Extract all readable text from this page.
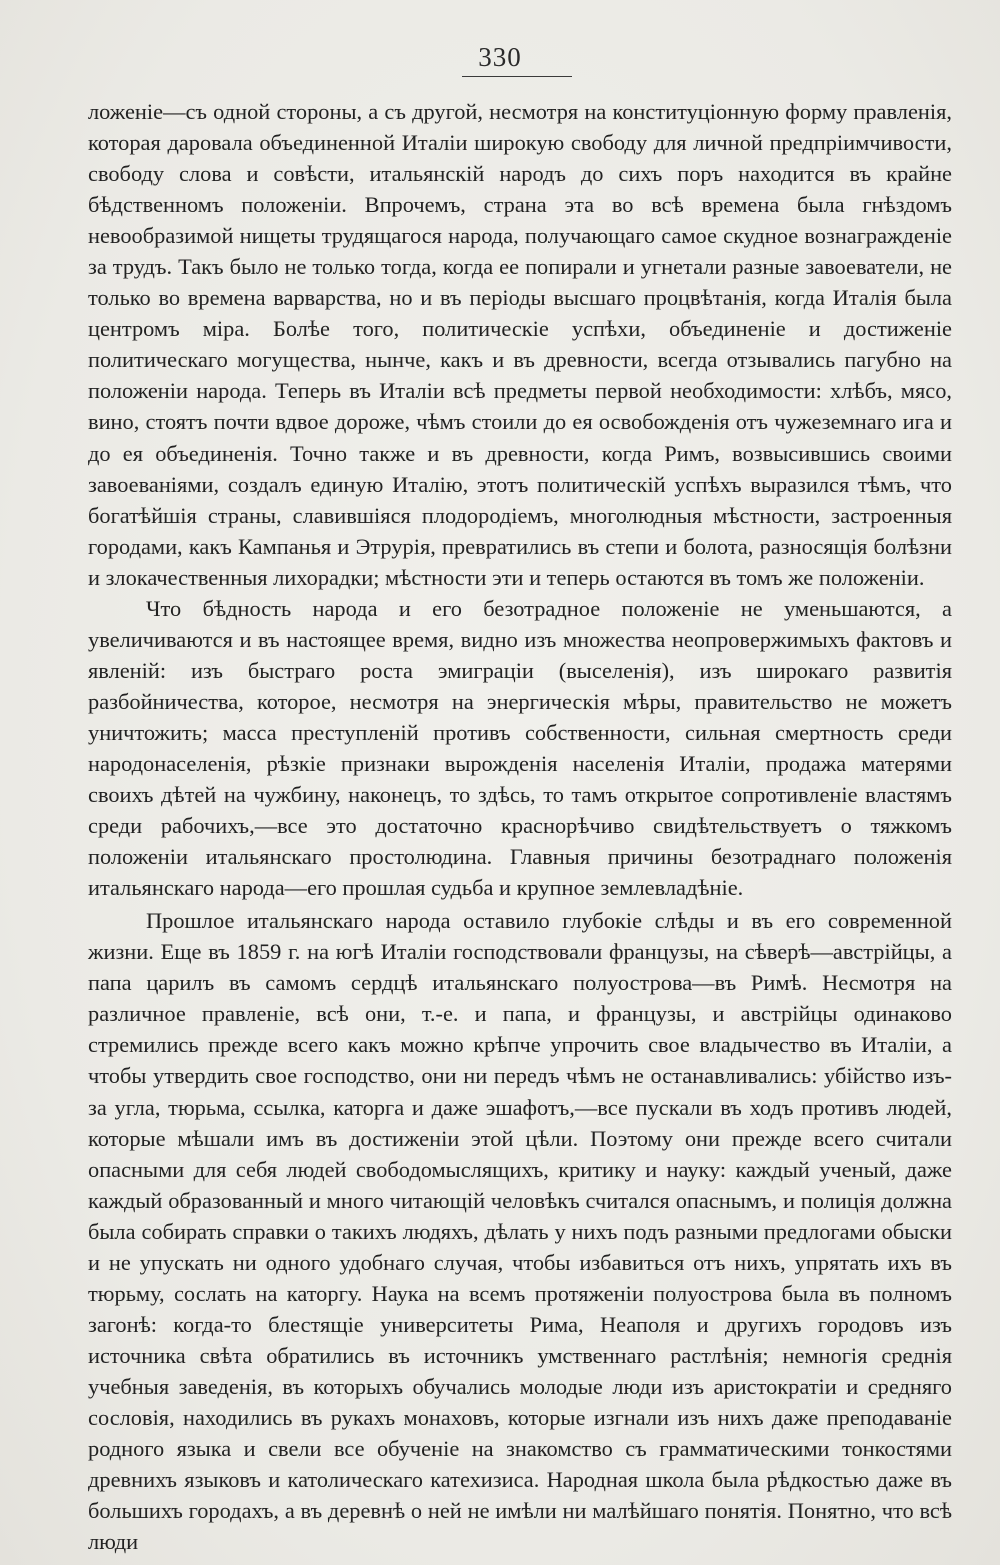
330

ложеніе—съ одной стороны, а съ другой, несмотря на конституціонную форму правленія, которая даровала объединенной Италіи широкую свободу для личной предпріимчивости, свободу слова и совѣсти, итальянскій народъ до сихъ поръ находится въ крайне бѣдственномъ положеніи. Впрочемъ, страна эта во всѣ времена была гнѣздомъ невообразимой нищеты трудящагося народа, получающаго самое скудное вознагражденіе за трудъ. Такъ было не только тогда, когда ее попирали и угнетали разные завоеватели, не только во времена варварства, но и въ періоды высшаго процвѣтанія, когда Италія была центромъ міра. Болѣе того, политическіе успѣхи, объединеніе и достиженіе политическаго могущества, нынче, какъ и въ древности, всегда отзывались пагубно на положеніи народа. Теперь въ Италіи всѣ предметы первой необходимости: хлѣбъ, мясо, вино, стоятъ почти вдвое дороже, чѣмъ стоили до ея освобожденія отъ чужеземнаго ига и до ея объединенія. Точно также и въ древности, когда Римъ, возвысившись своими завоеваніями, создалъ единую Италію, этотъ политическій успѣхъ выразился тѣмъ, что богатѣйшія страны, славившіяся плодородіемъ, многолюдныя мѣстности, застроенныя городами, какъ Кампанья и Этрурія, превратились въ степи и болота, разносящія болѣзни и злокачественныя лихорадки; мѣстности эти и теперь остаются въ томъ же положеніи.

Что бѣдность народа и его безотрадное положеніе не уменьшаются, а увеличиваются и въ настоящее время, видно изъ множества неопровержимыхъ фактовъ и явленій: изъ быстраго роста эмиграціи (выселенія), изъ широкаго развитія разбойничества, которое, несмотря на энергическія мѣры, правительство не можетъ уничтожить; масса преступленій противъ собственности, сильная смертность среди народонаселенія, рѣзкіе признаки вырожденія населенія Италіи, продажа матерями своихъ дѣтей на чужбину, наконецъ, то здѣсь, то тамъ открытое сопротивленіе властямъ среди рабочихъ,—все это достаточно краснорѣчиво свидѣтельствуетъ о тяжкомъ положеніи итальянскаго простолюдина. Главныя причины безотраднаго положенія итальянскаго народа—его прошлая судьба и крупное землевладѣніе.

Прошлое итальянскаго народа оставило глубокіе слѣды и въ его современной жизни. Еще въ 1859 г. на югѣ Италіи господствовали французы, на сѣверѣ—австрійцы, а папа царилъ въ самомъ сердцѣ итальянскаго полуострова—въ Римѣ. Несмотря на различное правленіе, всѣ они, т.-е. и папа, и французы, и австрійцы одинаково стремились прежде всего какъ можно крѣпче упрочить свое владычество въ Италіи, а чтобы утвердить свое господство, они ни передъ чѣмъ не останавливались: убійство изъ-за угла, тюрьма, ссылка, каторга и даже эшафотъ,—все пускали въ ходъ противъ людей, которые мѣшали имъ въ достиженіи этой цѣли. Поэтому они прежде всего считали опасными для себя людей свободомыслящихъ, критику и науку: каждый ученый, даже каждый образованный и много читающій человѣкъ считался опаснымъ, и полиція должна была собирать справки о такихъ людяхъ, дѣлать у нихъ подъ разными предлогами обыски и не упускать ни одного удобнаго случая, чтобы избавиться отъ нихъ, упрятать ихъ въ тюрьму, сослать на каторгу. Наука на всемъ протяженіи полуострова была въ полномъ загонѣ: когда-то блестящіе университеты Рима, Неаполя и другихъ городовъ изъ источника свѣта обратились въ источникъ умственнаго растлѣнія; немногія среднія учебныя заведенія, въ которыхъ обучались молодые люди изъ аристократіи и средняго сословія, находились въ рукахъ монаховъ, которые изгнали изъ нихъ даже преподаваніе родного языка и свели все обученіе на знакомство съ грамматическими тонкостями древнихъ языковъ и католическаго катехизиса. Народная школа была рѣдкостью даже въ большихъ городахъ, а въ деревнѣ о ней не имѣли ни малѣйшаго понятія. Понятно, что всѣ люди
